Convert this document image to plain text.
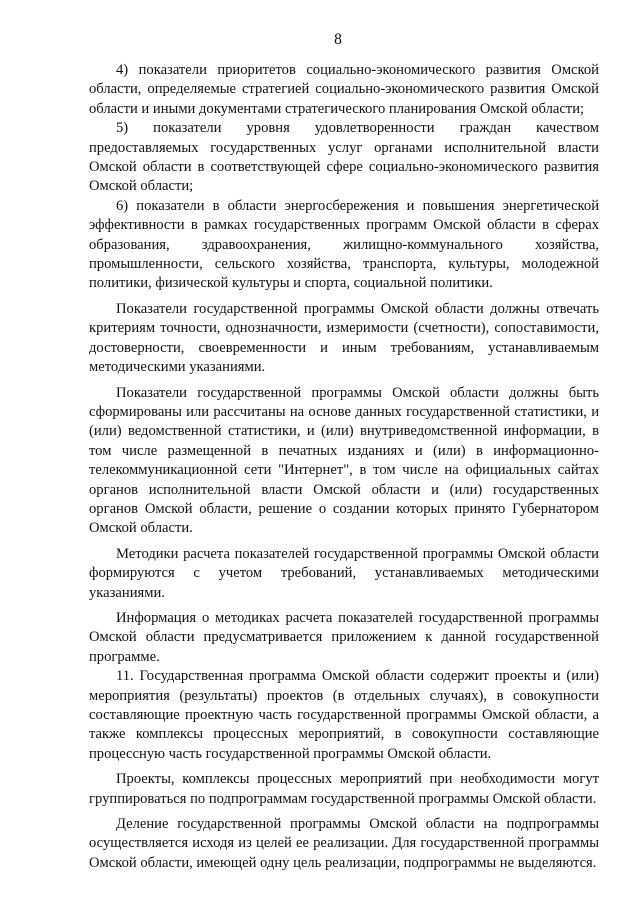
8

4) показатели приоритетов социально-экономического развития Омской области, определяемые стратегией социально-экономического развития Омской области и иными документами стратегического планирования Омской области;

5) показатели уровня удовлетворенности граждан качеством предоставляемых государственных услуг органами исполнительной власти Омской области в соответствующей сфере социально-экономического развития Омской области;

6) показатели в области энергосбережения и повышения энергетической эффективности в рамках государственных программ Омской области в сферах образования, здравоохранения, жилищно-коммунального хозяйства, промышленности, сельского хозяйства, транспорта, культуры, молодежной политики, физической культуры и спорта, социальной политики.

Показатели государственной программы Омской области должны отвечать критериям точности, однозначности, измеримости (счетности), сопоставимости, достоверности, своевременности и иным требованиям, устанавливаемым методическими указаниями.

Показатели государственной программы Омской области должны быть сформированы или рассчитаны на основе данных государственной статистики, и (или) ведомственной статистики, и (или) внутриведомственной информации, в том числе размещенной в печатных изданиях и (или) в информационно-телекоммуникационной сети "Интернет", в том числе на официальных сайтах органов исполнительной власти Омской области и (или) государственных органов Омской области, решение о создании которых принято Губернатором Омской области.

Методики расчета показателей государственной программы Омской области формируются с учетом требований, устанавливаемых методическими указаниями.

Информация о методиках расчета показателей государственной программы Омской области предусматривается приложением к данной государственной программе.

11. Государственная программа Омской области содержит проекты и (или) мероприятия (результаты) проектов (в отдельных случаях), в совокупности составляющие проектную часть государственной программы Омской области, а также комплексы процессных мероприятий, в совокупности составляющие процессную часть государственной программы Омской области.

Проекты, комплексы процессных мероприятий при необходимости могут группироваться по подпрограммам государственной программы Омской области.

Деление государственной программы Омской области на подпрограммы осуществляется исходя из целей ее реализации. Для государственной программы Омской области, имеющей одну цель реализации, подпрограммы не выделяются.
